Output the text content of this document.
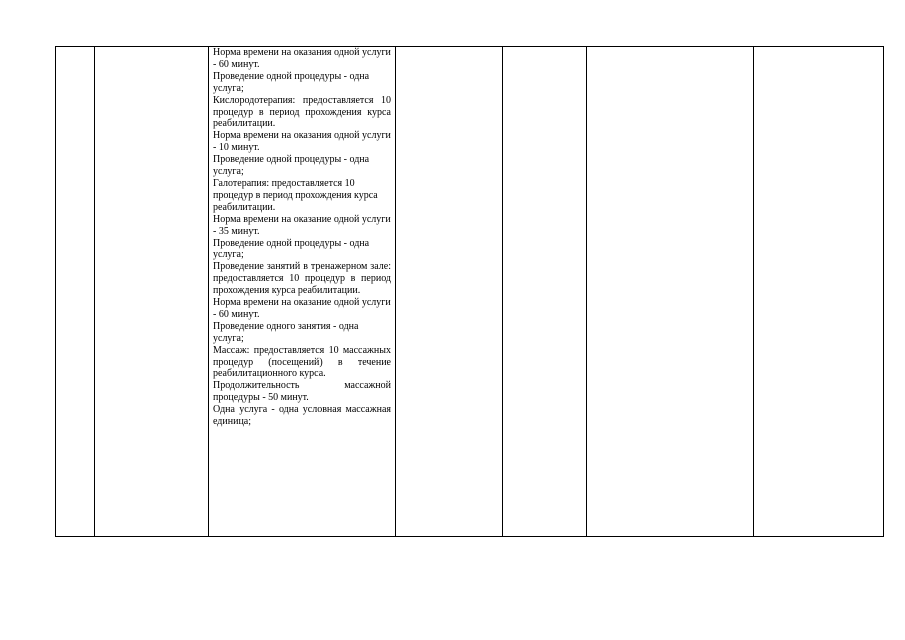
Норма времени на оказания одной услуги - 60 минут.

Проведение одной процедуры - одна услуга;

Кислородотерапия: предоставляется 10 процедур в период прохождения курса реабилитации.

Норма времени на оказания одной услуги - 10 минут.

Проведение одной процедуры - одна услуга;

Галотерапия: предоставляется 10 процедур в период прохождения курса реабилитации.

Норма времени на оказание одной услуги - 35 минут.

Проведение одной процедуры - одна услуга;

Проведение занятий в тренажерном зале: предоставляется 10 процедур в период прохождения курса реабилитации.

Норма времени на оказание одной услуги - 60 минут.

Проведение одного занятия - одна услуга;

Массаж: предоставляется 10 массажных процедур (посещений) в течение реабилитационного курса.

Продолжительность массажной процедуры - 50 минут.

Одна услуга - одна условная массажная единица;
